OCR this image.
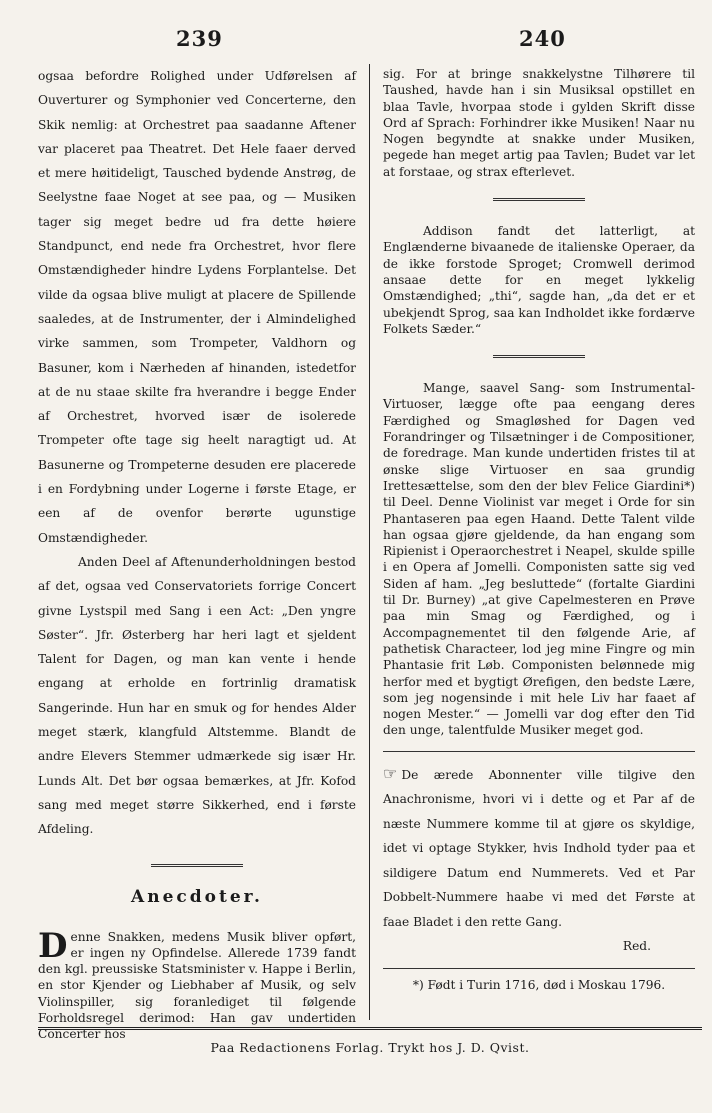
239	240

ogsaa befordre Rolighed under Udførelsen af Ouverturer og Symphonier ved Concerterne, den Skik nemlig: at Orchestret paa saadanne Aftener var placeret paa Theatret. Det Hele faaer derved et mere høitideligt, Tausched bydende Anstrøg, de Seelystne faae Noget at see paa, og — Musiken tager sig meget bedre ud fra dette høiere Standpunct, end nede fra Orchestret, hvor flere Omstændigheder hindre Lydens Forplantelse. Det vilde da ogsaa blive muligt at placere de Spillende saaledes, at de Instrumenter, der i Almindelighed virke sammen, som Trompeter, Valdhorn og Basuner, kom i Nærheden af hinanden, istedetfor at de nu staae skilte fra hverandre i begge Ender af Orchestret, hvorved især de isolerede Trompeter ofte tage sig heelt naragtigt ud. At Basunerne og Trompeterne desuden ere placerede i en Fordybning under Logerne i første Etage, er een af de ovenfor berørte ugunstige Omstændigheder.

Anden Deel af Aftenunderholdningen bestod af det, ogsaa ved Conservatoriets forrige Concert givne Lystspil med Sang i een Act: „Den yngre Søster“. Jfr. Østerberg har heri lagt et sjeldent Talent for Dagen, og man kan vente i hende engang at erholde en fortrinlig dramatisk Sangerinde. Hun har en smuk og for hendes Alder meget stærk, klangfuld Altstemme. Blandt de andre Elevers Stemmer udmærkede sig især Hr. Lunds Alt. Det bør ogsaa bemærkes, at Jfr. Kofod sang med meget større Sikkerhed, end i første Afdeling.

Anecdoter.

Denne Snakken, medens Musik bliver opført, er ingen ny Opfindelse. Allerede 1739 fandt den kgl. preussiske Statsminister v. Happe i Berlin, en stor Kjender og Liebhaber af Musik, og selv Violinspiller, sig foranlediget til følgende Forholdsregel derimod: Han gav undertiden Concerter hos

sig. For at bringe snakkelystne Tilhørere til Taushed, havde han i sin Musiksal opstillet en blaa Tavle, hvorpaa stode i gylden Skrift disse Ord af Sprach: Forhindrer ikke Musiken! Naar nu Nogen begyndte at snakke under Musiken, pegede han meget artig paa Tavlen; Budet var let at forstaae, og strax efterlevet.

Addison fandt det latterligt, at Englænderne bivaanede de italienske Operaer, da de ikke forstode Sproget; Cromwell derimod ansaae dette for en meget lykkelig Omstændighed; „thi“, sagde han, „da det er et ubekjendt Sprog, saa kan Indholdet ikke fordærve Folkets Sæder.“

Mange, saavel Sang- som Instrumental-Virtuoser, lægge ofte paa eengang deres Færdighed og Smagløshed for Dagen ved Forandringer og Tilsætninger i de Compositioner, de foredrage. Man kunde undertiden fristes til at ønske slige Virtuoser en saa grundig Irettesættelse, som den der blev Felice Giardini*) til Deel. Denne Violinist var meget i Orde for sin Phantaseren paa egen Haand. Dette Talent vilde han ogsaa gjøre gjeldende, da han engang som Ripienist i Operaorchestret i Neapel, skulde spille i en Opera af Jomelli. Componisten satte sig ved Siden af ham. „Jeg besluttede“ (fortalte Giardini til Dr. Burney) „at give Capelmesteren en Prøve paa min Smag og Færdighed, og i Accompagnementet til den følgende Arie, af pathetisk Characteer, lod jeg mine Fingre og min Phantasie frit Løb. Componisten belønnede mig herfor med et bygtigt Ørefigen, den bedste Lære, som jeg nogensinde i mit hele Liv har faaet af nogen Mester.“ — Jomelli var dog efter den Tid den unge, talentfulde Musiker meget god.

☞ De ærede Abonnenter ville tilgive den Anachronisme, hvori vi i dette og et Par af de næste Nummere komme til at gjøre os skyldige, idet vi optage Stykker, hvis Indhold tyder paa et sildigere Datum end Nummerets. Ved et Par Dobbelt-Nummere haabe vi med det Første at faae Bladet i den rette Gang.

Red.

*) Født i Turin 1716, død i Moskau 1796.

Paa Redactionens Forlag. Trykt hos J. D. Qvist.
